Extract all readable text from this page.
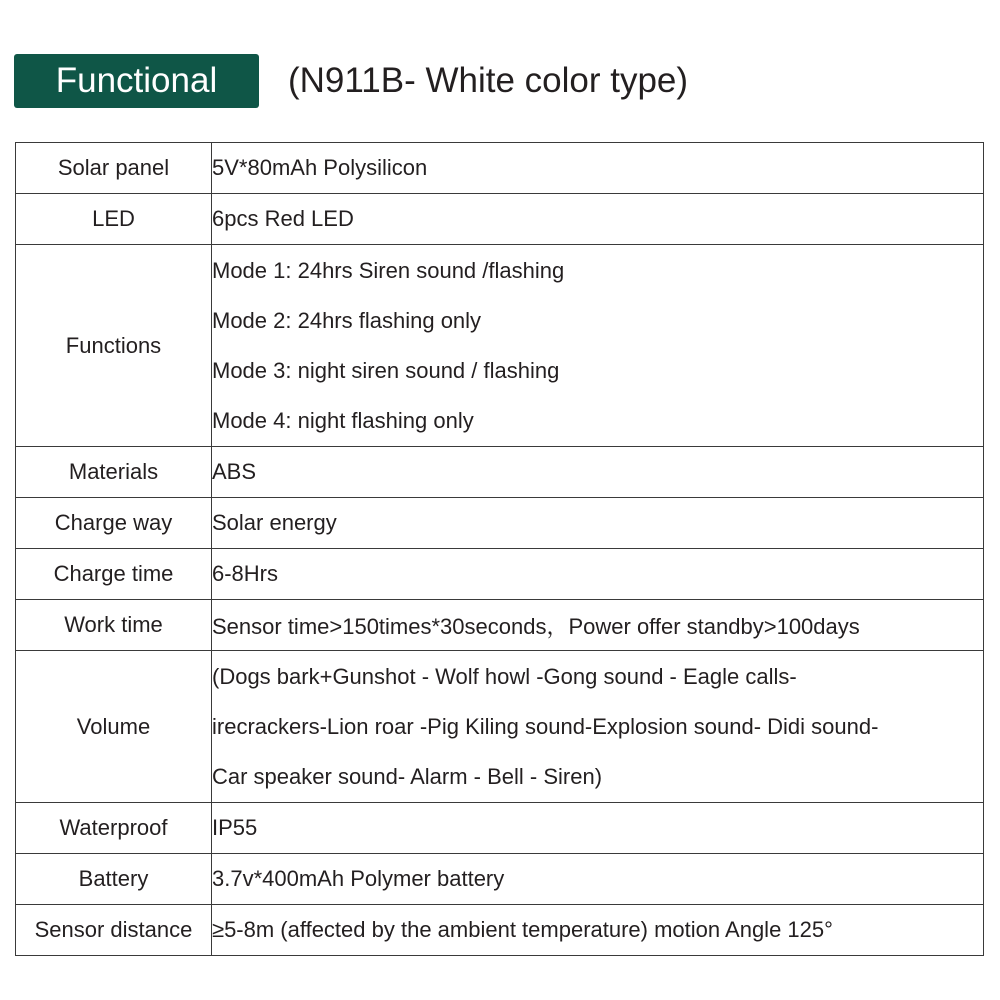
Functional	(N911B- White color type)
Solar panel	5V*80mAh Polysilicon
LED	6pcs Red LED
Functions	Mode 1: 24hrs Siren sound /flashing
Mode 2: 24hrs flashing only
Mode 3: night siren sound / flashing
Mode 4: night flashing only

Materials	ABS
Charge way	Solar energy
Charge time	6-8Hrs
Work time	Sensor time>150times*30seconds，Power offer standby>100days
Volume	(Dogs bark+Gunshot - Wolf howl -Gong sound - Eagle calls-
irecrackers-Lion roar -Pig Kiling sound-Explosion sound- Didi sound-
Car speaker sound- Alarm - Bell - Siren)

Waterproof	IP55
Battery	3.7v*400mAh Polymer battery
Sensor distance	≥5-8m (affected by the ambient temperature) motion Angle 125°
